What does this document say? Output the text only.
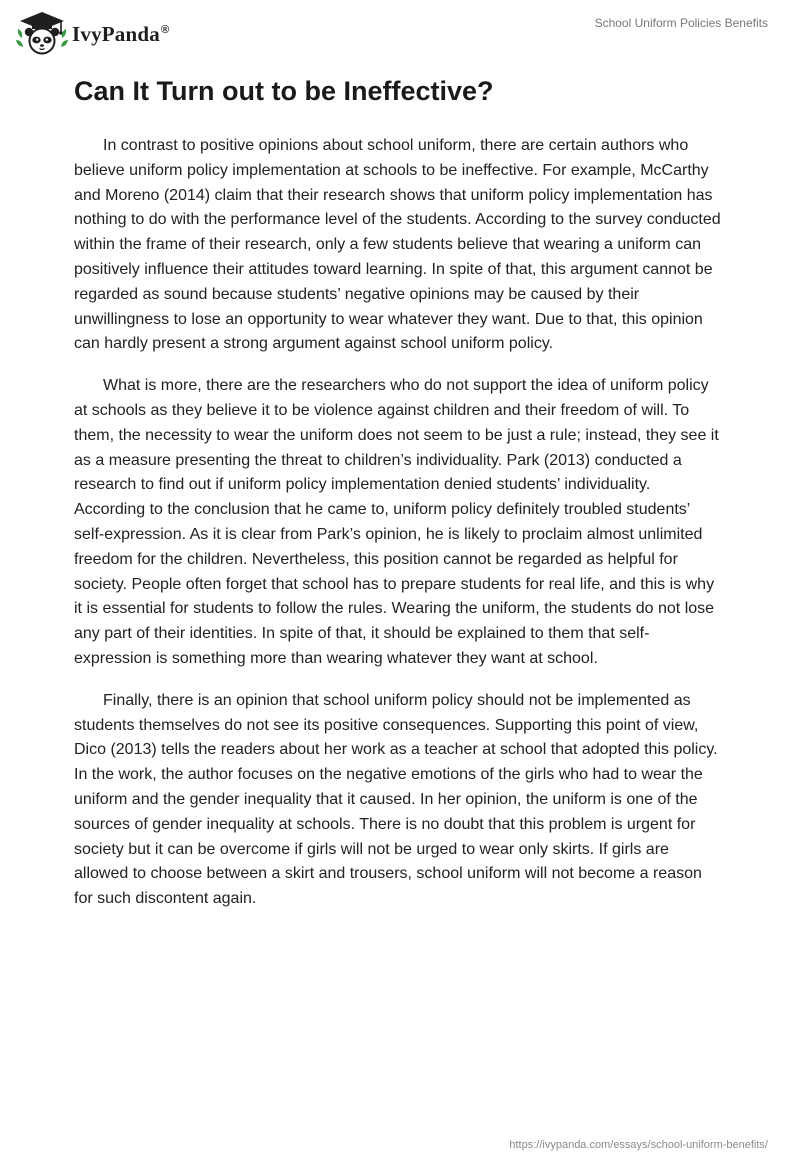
IvyPanda®	School Uniform Policies Benefits
Can It Turn out to be Ineffective?

In contrast to positive opinions about school uniform, there are certain authors who believe uniform policy implementation at schools to be ineffective. For example, McCarthy and Moreno (2014) claim that their research shows that uniform policy implementation has nothing to do with the performance level of the students. According to the survey conducted within the frame of their research, only a few students believe that wearing a uniform can positively influence their attitudes toward learning. In spite of that, this argument cannot be regarded as sound because students’ negative opinions may be caused by their unwillingness to lose an opportunity to wear whatever they want. Due to that, this opinion can hardly present a strong argument against school uniform policy.

What is more, there are the researchers who do not support the idea of uniform policy at schools as they believe it to be violence against children and their freedom of will. To them, the necessity to wear the uniform does not seem to be just a rule; instead, they see it as a measure presenting the threat to children’s individuality. Park (2013) conducted a research to find out if uniform policy implementation denied students’ individuality. According to the conclusion that he came to, uniform policy definitely troubled students’ self-expression. As it is clear from Park’s opinion, he is likely to proclaim almost unlimited freedom for the children. Nevertheless, this position cannot be regarded as helpful for society. People often forget that school has to prepare students for real life, and this is why it is essential for students to follow the rules. Wearing the uniform, the students do not lose any part of their identities. In spite of that, it should be explained to them that self-expression is something more than wearing whatever they want at school.

Finally, there is an opinion that school uniform policy should not be implemented as students themselves do not see its positive consequences. Supporting this point of view, Dico (2013) tells the readers about her work as a teacher at school that adopted this policy. In the work, the author focuses on the negative emotions of the girls who had to wear the uniform and the gender inequality that it caused. In her opinion, the uniform is one of the sources of gender inequality at schools. There is no doubt that this problem is urgent for society but it can be overcome if girls will not be urged to wear only skirts. If girls are allowed to choose between a skirt and trousers, school uniform will not become a reason for such discontent again.

https://ivypanda.com/essays/school-uniform-benefits/
